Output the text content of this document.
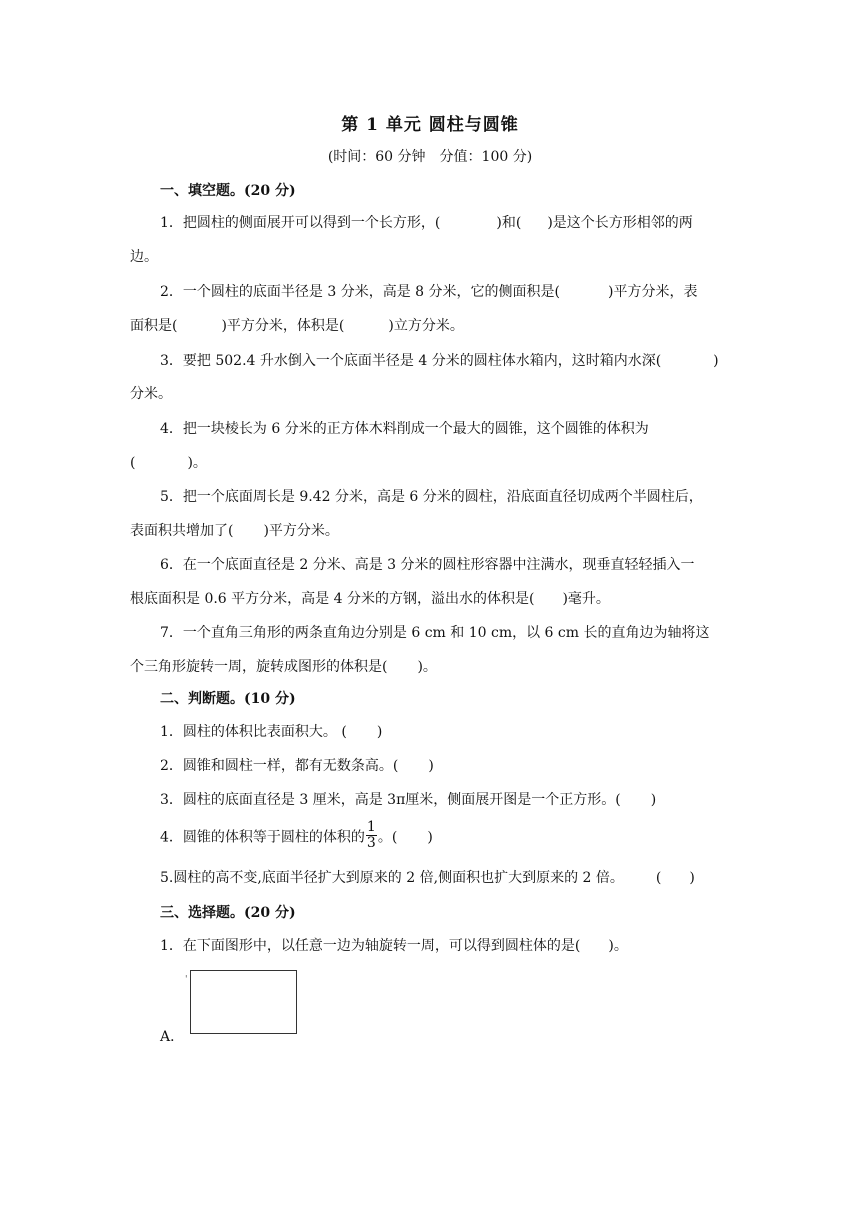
第 1 单元 圆柱与圆锥
(时间：60 分钟　分值：100 分)
一、填空题。(20 分)
1．把圆柱的侧面展开可以得到一个长方形，(	)和( )是这个长方形相邻的两
边。
2．一个圆柱的底面半径是 3 分米，高是 8 分米，它的侧面积是(	)平方分米，表
面积是(	)平方分米，体积是(	)立方分米。
3．要把 502.4 升水倒入一个底面半径是 4 分米的圆柱体水箱内，这时箱内水深(	)
分米。
4．把一块棱长为 6 分米的正方体木料削成一个最大的圆锥，这个圆锥的体积为
(	)。
5．把一个底面周长是 9.42 分米，高是 6 分米的圆柱，沿底面直径切成两个半圆柱后，
表面积共增加了( )平方分米。
6．在一个底面直径是 2 分米、高是 3 分米的圆柱形容器中注满水，现垂直轻轻插入一
根底面积是 0.6 平方分米，高是 4 分米的方钢，溢出水的体积是( )毫升。
7．一个直角三角形的两条直角边分别是 6 cm 和 10 cm，以 6 cm 长的直角边为轴将这
个三角形旋转一周，旋转成图形的体积是( )。
二、判断题。(10 分)
1．圆柱的体积比表面积大。 ( )
2．圆锥和圆柱一样，都有无数条高。( )
3．圆柱的底面直径是 3 厘米，高是 3π厘米，侧面展开图是一个正方形。( )
4．圆锥的体积等于圆柱的体积的 $\frac{1}{3}$ 。( )
5.圆柱的高不变,底面半径扩大到原来的 2 倍,侧面积也扩大到原来的 2 倍。 ( )
三、选择题。(20 分)
1．在下面图形中，以任意一边为轴旋转一周，可以得到圆柱体的是( )。
'
A．
